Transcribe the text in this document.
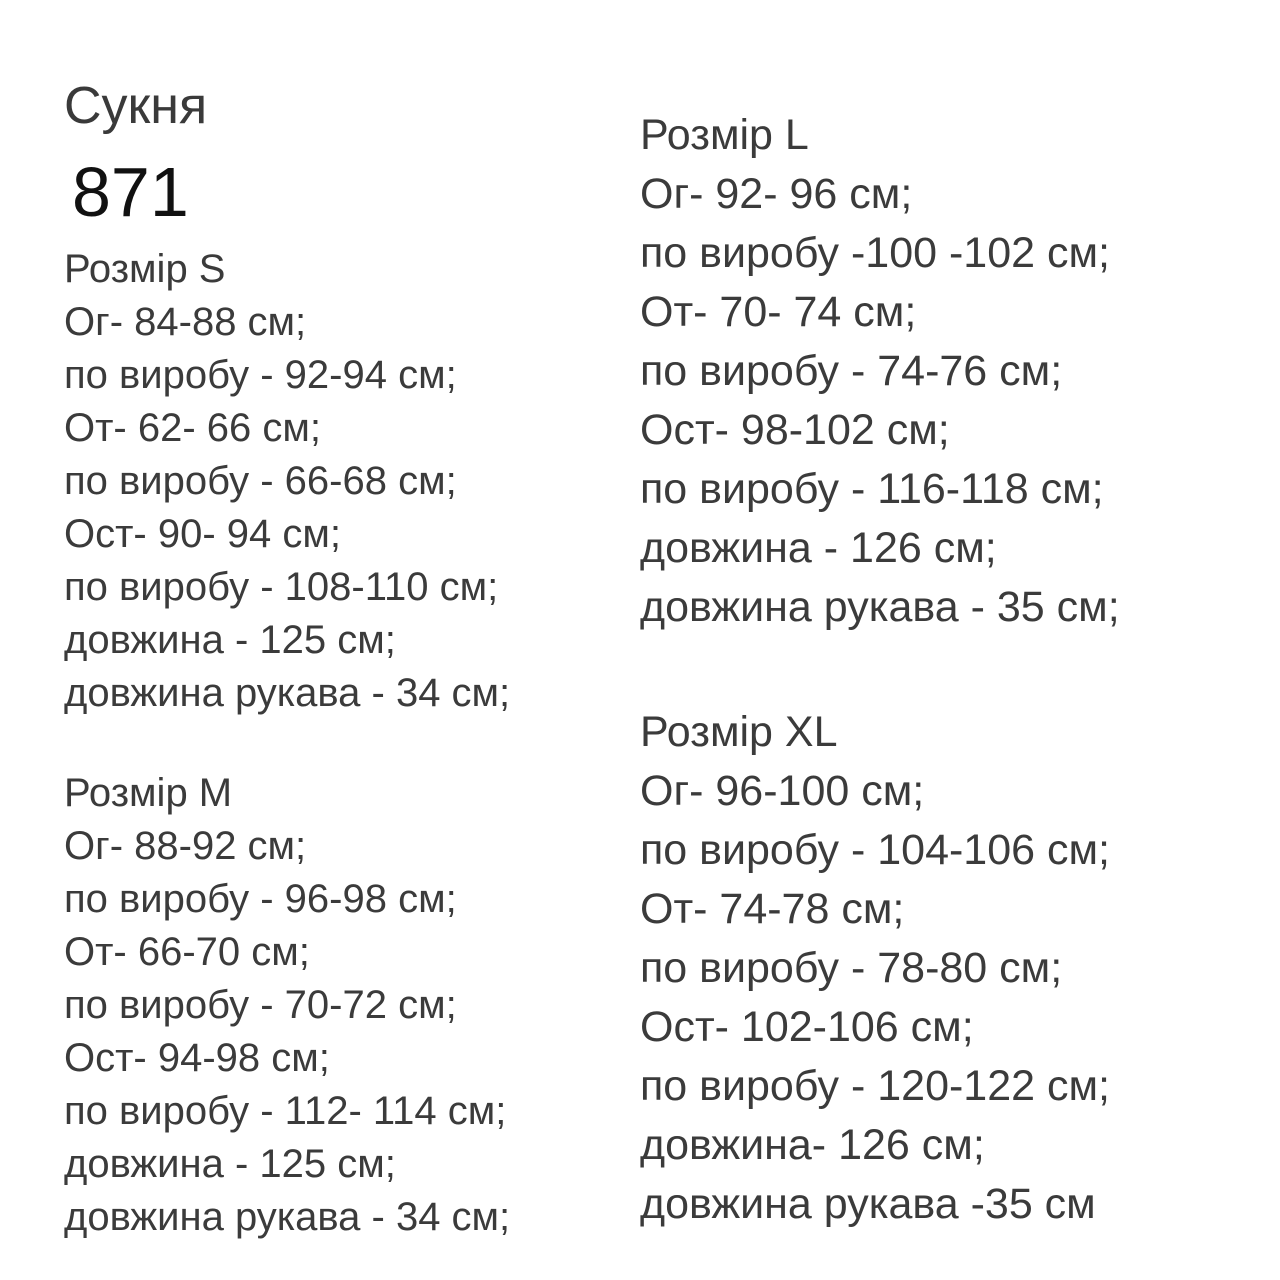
Сукня
871
Розмір S
Ог- 84-88 см;
по виробу - 92-94 см;
От- 62- 66 см;
по виробу - 66-68 см;
Ост- 90- 94 см;
по виробу - 108-110 см;
довжина - 125 см;
довжина рукава - 34 см;
Розмір M
Ог- 88-92 см;
по виробу - 96-98 см;
От- 66-70 см;
по виробу - 70-72 см;
Ост- 94-98 см;
по виробу - 112- 114 см;
довжина - 125 см;
довжина рукава - 34 см;
Розмір L
Ог- 92- 96 см;
по виробу -100 -102 см;
От- 70- 74 см;
по виробу - 74-76 см;
Ост- 98-102 см;
по виробу - 116-118 см;
довжина - 126 см;
довжина рукава - 35 см;
Розмір XL
Ог- 96-100 см;
по виробу - 104-106 см;
От- 74-78 см;
по виробу - 78-80 см;
Ост- 102-106 см;
по виробу - 120-122 см;
довжина- 126 см;
довжина рукава -35 см
